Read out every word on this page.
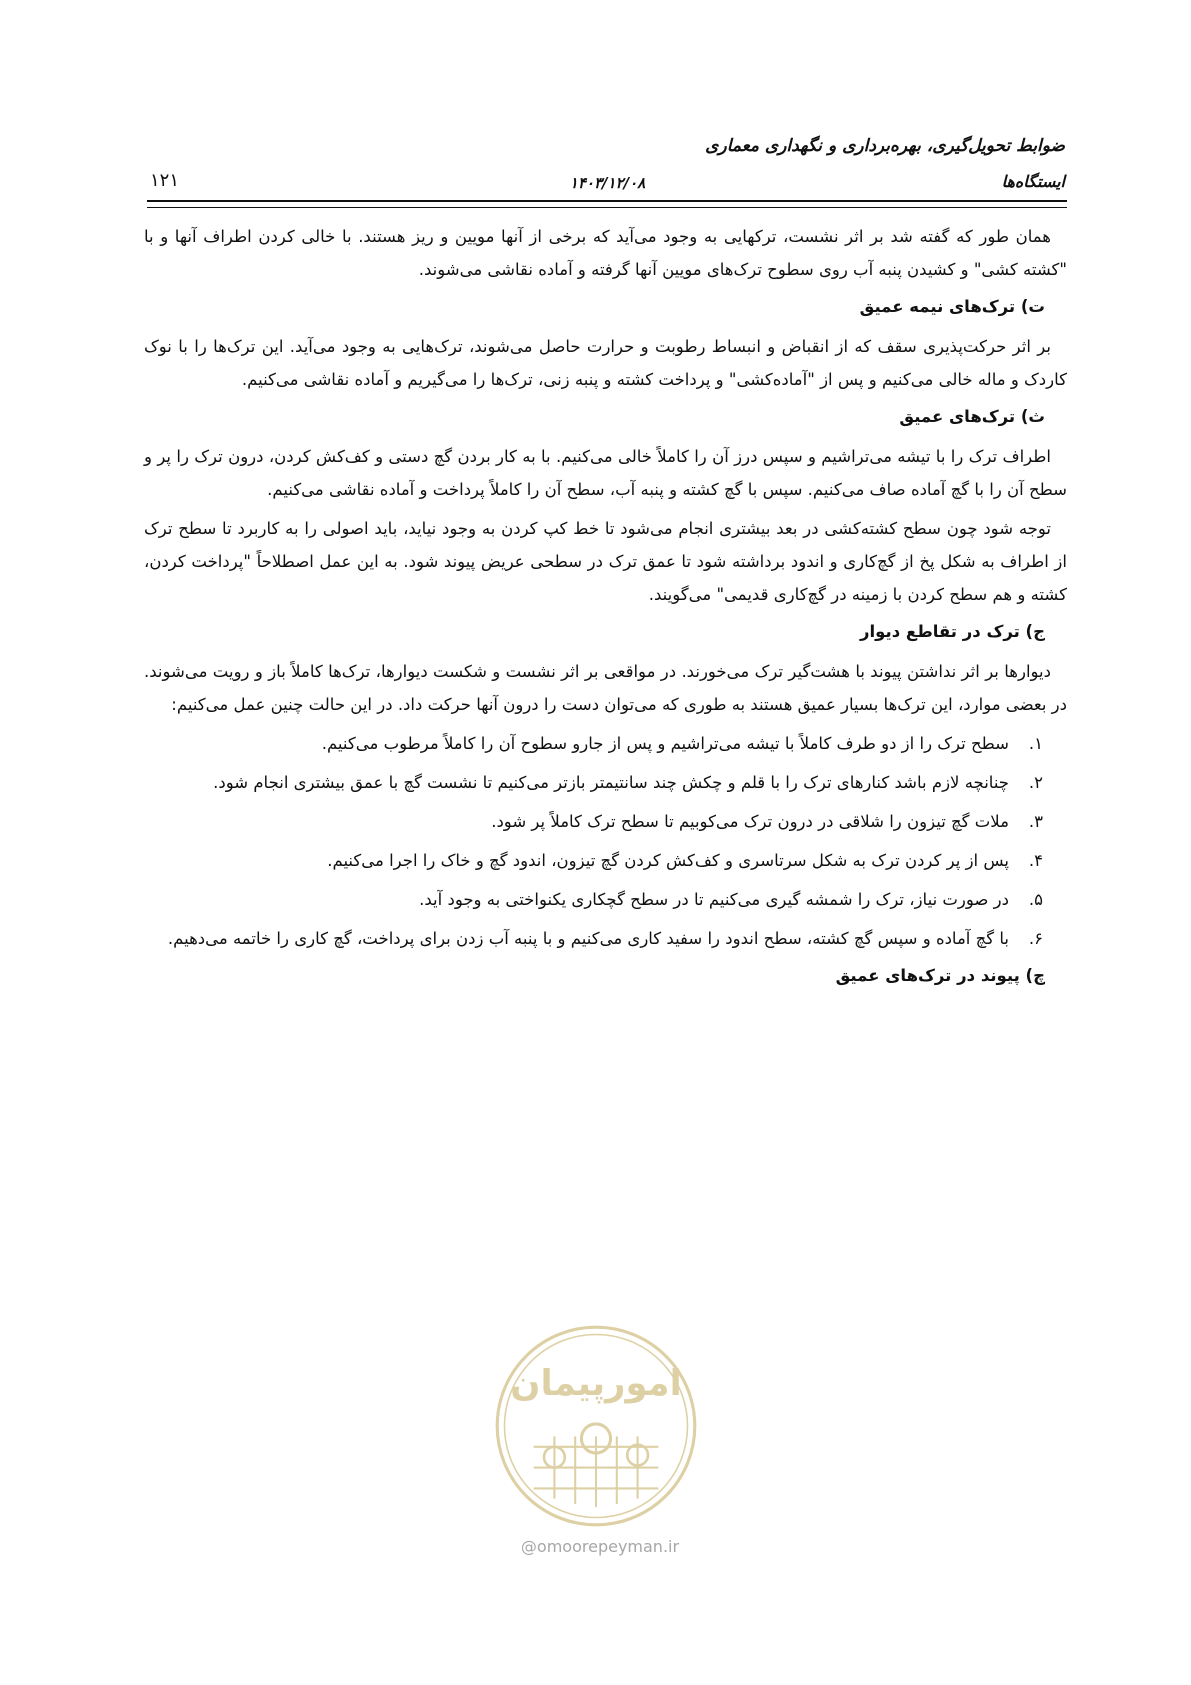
ضوابط تحویل‌گیری، بهره‌برداری و نگهداری معماری
ایستگاه‌ها
۱۴۰۳/۱۲/۰۸
۱۲۱

همان طور که گفته شد بر اثر نشست، ترکهایی به وجود می‌آید که برخی از آنها مویین و ریز هستند. با خالی کردن اطراف آنها و با "کشته کشی" و کشیدن پنبه آب روی سطوح ترک‌های مویین آنها گرفته و آماده نقاشی می‌شوند.

ت) ترک‌های نیمه عمیق

بر اثر حرکت‌پذیری سقف که از انقباض و انبساط رطوبت و حرارت حاصل می‌شوند، ترک‌هایی به وجود می‌آید. این ترک‌ها را با نوک کاردک و ماله خالی می‌کنیم و پس از "آماده‌کشی" و پرداخت کشته و پنبه زنی، ترک‌ها را می‌گیریم و آماده نقاشی می‌کنیم.

ث) ترک‌های عمیق

اطراف ترک را با تیشه می‌تراشیم و سپس درز آن را کاملاً خالی می‌کنیم. با به کار بردن گچ دستی و کف‌کش کردن، درون ترک را پر و سطح آن را با گچ آماده صاف می‌کنیم. سپس با گچ کشته و پنبه آب، سطح آن را کاملاً پرداخت و آماده نقاشی می‌کنیم.

توجه شود چون سطح کشته‌کشی در بعد بیشتری انجام می‌شود تا خط کپ کردن به وجود نیاید، باید اصولی را به کاربرد تا سطح ترک از اطراف به شکل پخ از گچ‌کاری و اندود برداشته شود تا عمق ترک در سطحی عریض پیوند شود. به این عمل اصطلاحاً "پرداخت کردن، کشته و هم سطح کردن با زمینه در گچ‌کاری قدیمی" می‌گویند.

ج) ترک در تقاطع دیوار

دیوارها بر اثر نداشتن پیوند با هشت‌گیر ترک می‌خورند. در مواقعی بر اثر نشست و شکست دیوارها، ترک‌ها کاملاً باز و رویت می‌شوند. در بعضی موارد، این ترک‌ها بسیار عمیق هستند به طوری که می‌توان دست را درون آنها حرکت داد. در این حالت چنین عمل می‌کنیم:

۱.
سطح ترک را از دو طرف کاملاً با تیشه می‌تراشیم و پس از جارو سطوح آن را کاملاً مرطوب می‌کنیم.
۲.
چنانچه لازم باشد کنارهای ترک را با قلم و چکش چند سانتیمتر بازتر می‌کنیم تا نشست گچ با عمق بیشتری انجام شود.
۳.
ملات گچ تیزون را شلاقی در درون ترک می‌کوبیم تا سطح ترک کاملاً پر شود.
۴.
پس از پر کردن ترک به شکل سرتاسری و کف‌کش کردن گچ تیزون، اندود گچ و خاک را اجرا می‌کنیم.
۵.
در صورت نیاز، ترک را شمشه گیری می‌کنیم تا در سطح گچکاری یکنواختی به وجود آید.
۶.
با گچ آماده و سپس گچ کشته، سطح اندود را سفید کاری می‌کنیم و با پنبه آب زدن برای پرداخت، گچ کاری را خاتمه می‌دهیم.
چ) پیوند در ترک‌های عمیق
امورپیمان
@omoorepeyman.ir
